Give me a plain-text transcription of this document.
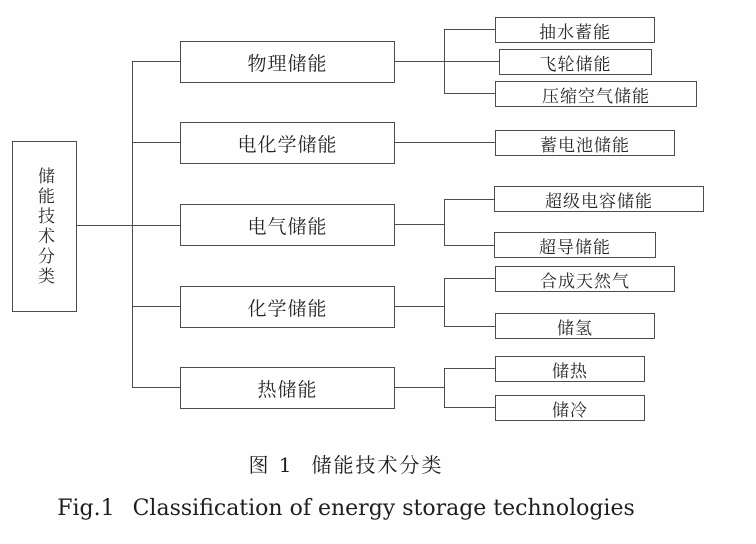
储能技术分类
物理储能
电化学储能
电气储能
化学储能
热储能
抽水蓄能
飞轮储能
压缩空气储能
蓄电池储能
超级电容储能
超导储能
合成天然气
储氢
储热
储冷
图 1 储能技术分类
Fig.1 Classification of energy storage technologies
